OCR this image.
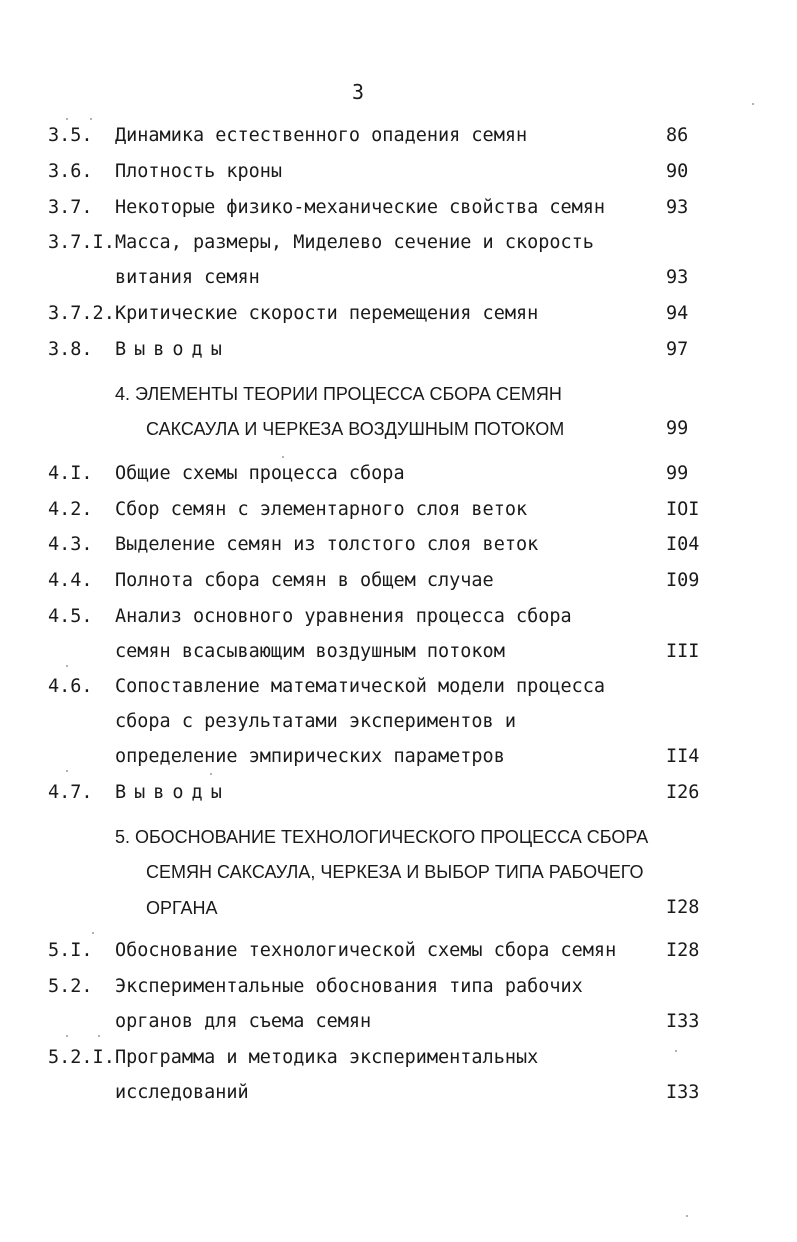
3
3.5. Динамика естественного опадения семян	86
3.6. Плотность кроны	90
3.7. Некоторые физико-механические свойства семян	93
3.7.I. Масса, размеры, Миделево сечение и скорость
витания семян	93
3.7.2. Критические скорости перемещения семян	94
3.8. Выводы	97
4. ЭЛЕМЕНТЫ ТЕОРИИ ПРОЦЕССА СБОРА СЕМЯН
САКСАУЛА И ЧЕРКЕЗА ВОЗДУШНЫМ ПОТОКОМ	99
4.I. Общие схемы процесса сбора	99
4.2. Сбор семян с элементарного слоя веток	IOI
4.3. Выделение семян из толстого слоя веток	I04
4.4. Полнота сбора семян в общем случае	I09
4.5. Анализ основного уравнения процесса сбора
семян всасывающим воздушным потоком	III
4.6. Сопоставление математической модели процесса
сбора с результатами экспериментов и
определение эмпирических параметров	II4
4.7. Выводы	I26
5. ОБОСНОВАНИЕ ТЕХНОЛОГИЧЕСКОГО ПРОЦЕССА СБОРА
СЕМЯН САКСАУЛА, ЧЕРКЕЗА И ВЫБОР ТИПА РАБОЧЕГО
ОРГАНА	I28
5.I. Обоснование технологической схемы сбора семян	I28
5.2. Экспериментальные обоснования типа рабочих
органов для съема семян	I33
5.2.I. Программа и методика экспериментальных
исследований	I33
